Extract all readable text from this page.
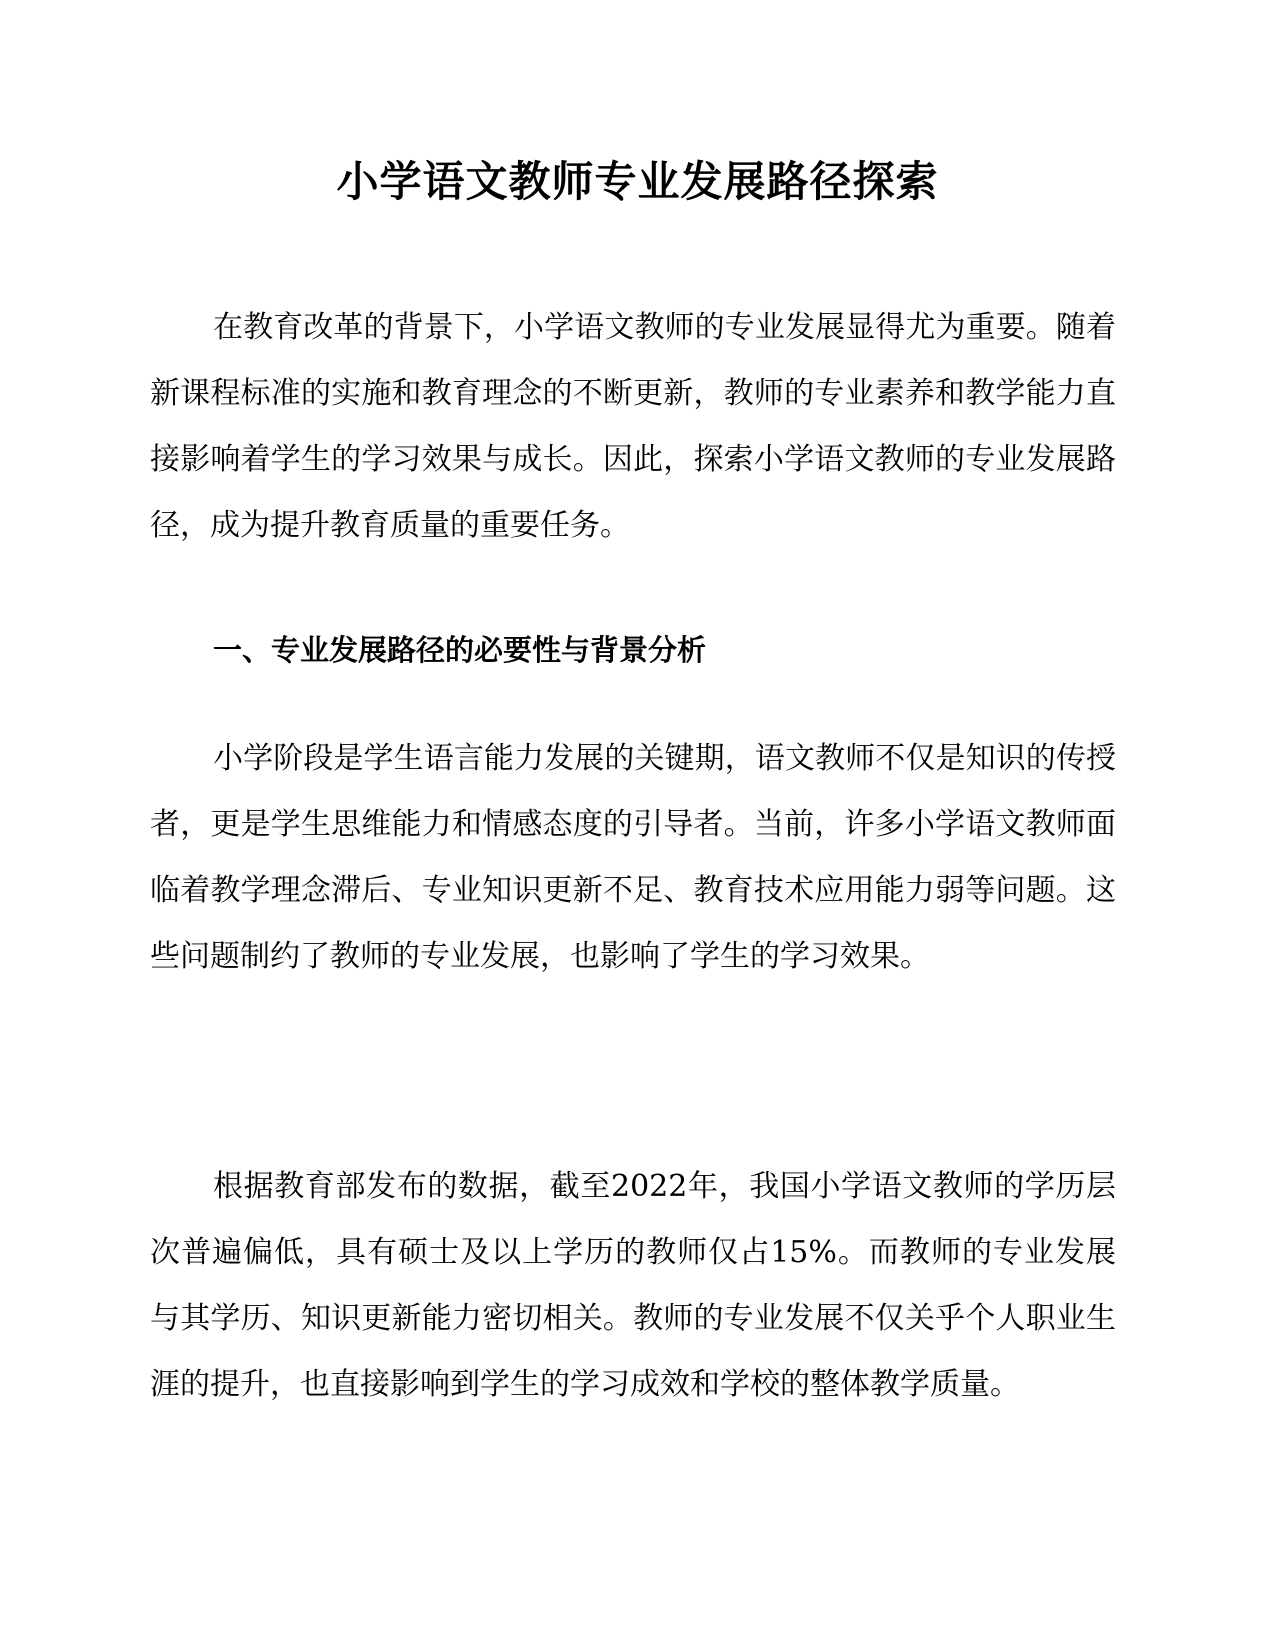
小学语文教师专业发展路径探索

在教育改革的背景下，小学语文教师的专业发展显得尤为重要。随着新课程标准的实施和教育理念的不断更新，教师的专业素养和教学能力直接影响着学生的学习效果与成长。因此，探索小学语文教师的专业发展路径，成为提升教育质量的重要任务。

一、专业发展路径的必要性与背景分析

小学阶段是学生语言能力发展的关键期，语文教师不仅是知识的传授者，更是学生思维能力和情感态度的引导者。当前，许多小学语文教师面临着教学理念滞后、专业知识更新不足、教育技术应用能力弱等问题。这些问题制约了教师的专业发展，也影响了学生的学习效果。

根据教育部发布的数据，截至2022年，我国小学语文教师的学历层次普遍偏低，具有硕士及以上学历的教师仅占15%。而教师的专业发展与其学历、知识更新能力密切相关。教师的专业发展不仅关乎个人职业生涯的提升，也直接影响到学生的学习成效和学校的整体教学质量。
